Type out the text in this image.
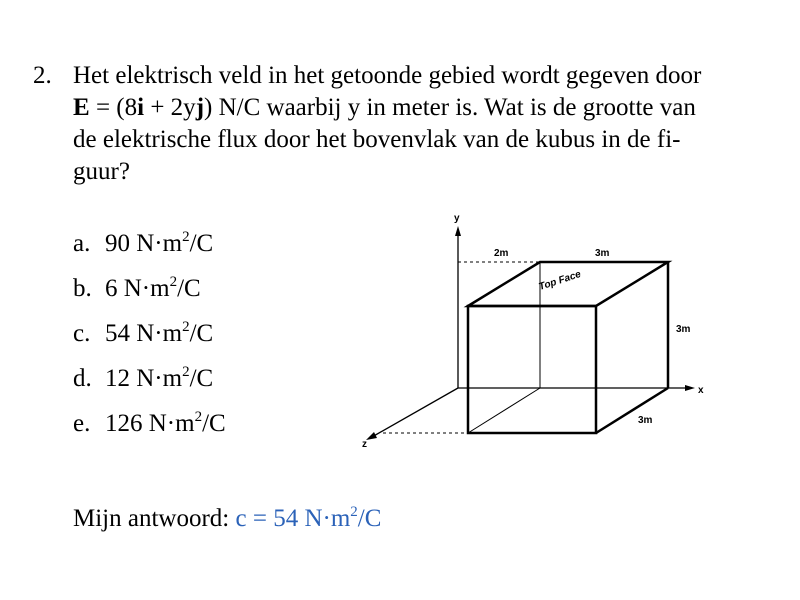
2. Het elektrisch veld in het getoonde gebied wordt gegeven door
E = (8i + 2yj) N/C waarbij y in meter is. Wat is de grootte van
de elektrische flux door het bovenvlak van de kubus in de fi-
guur?
a. 90 $N\cdot m^2/C$
b. 6 $N\cdot m^2/C$
c. 54 $N\cdot m^2/C$
d. 12 $N\cdot m^2/C$
e. 126 $N\cdot m^2/C$
Mijn antwoord: c = 54 $N\cdot m^2/C$
y
x
z
2m	3m
3m
3m
Top Face
